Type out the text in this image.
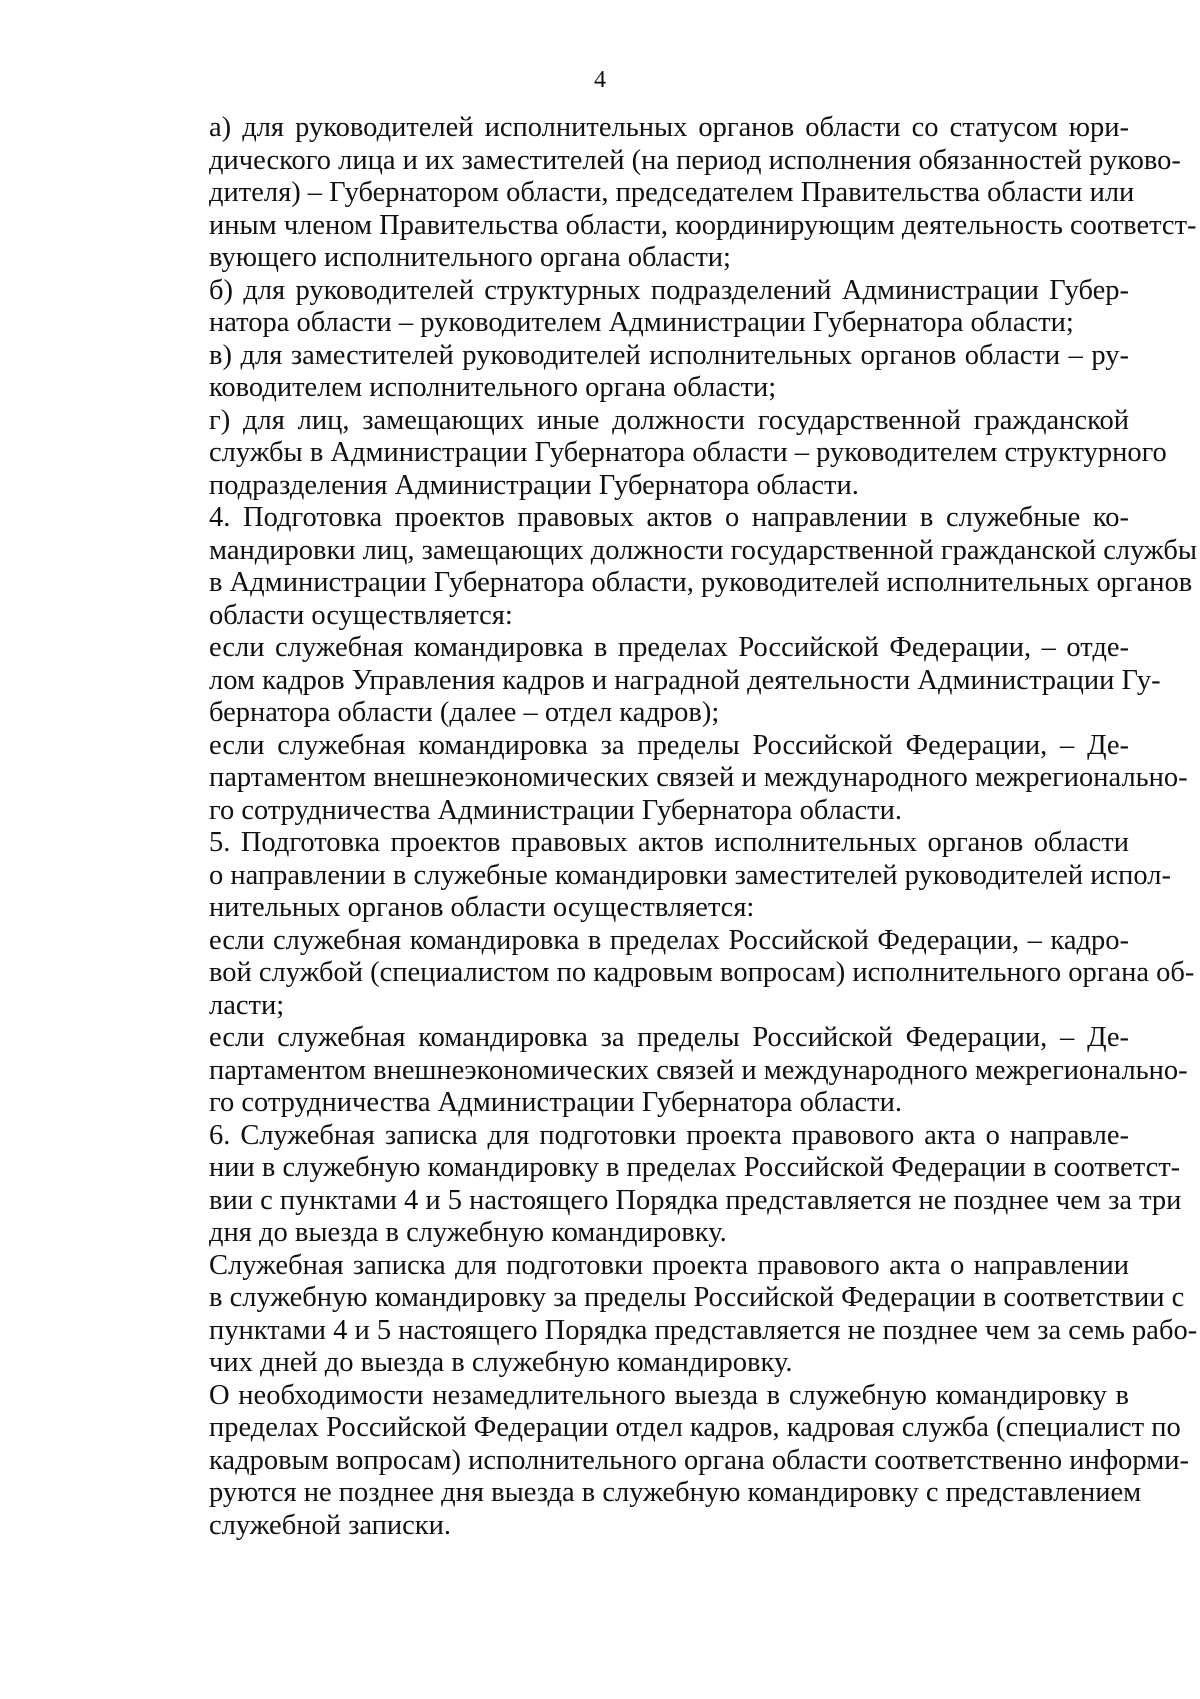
4

а) для руководителей исполнительных органов области со статусом юри-
дического лица и их заместителей (на период исполнения обязанностей руково-
дителя) – Губернатором области, председателем Правительства области или
иным членом Правительства области, координирующим деятельность соответст-
вующего исполнительного органа области;

б) для руководителей структурных подразделений Администрации Губер-
натора области – руководителем Администрации Губернатора области;

в) для заместителей руководителей исполнительных органов области – ру-
ководителем исполнительного органа области;

г) для лиц, замещающих иные должности государственной гражданской
службы в Администрации Губернатора области – руководителем структурного
подразделения Администрации Губернатора области.

4. Подготовка проектов правовых актов о направлении в служебные ко-
мандировки лиц, замещающих должности государственной гражданской службы
в Администрации Губернатора области, руководителей исполнительных органов
области осуществляется:

если служебная командировка в пределах Российской Федерации, – отде-
лом кадров Управления кадров и наградной деятельности Администрации Гу-
бернатора области (далее – отдел кадров);

если служебная командировка за пределы Российской Федерации, – Де-
партаментом внешнеэкономических связей и международного межрегионально-
го сотрудничества Администрации Губернатора области.

5. Подготовка проектов правовых актов исполнительных органов области
о направлении в служебные командировки заместителей руководителей испол-
нительных органов области осуществляется:

если служебная командировка в пределах Российской Федерации, – кадро-
вой службой (специалистом по кадровым вопросам) исполнительного органа об-
ласти;

если служебная командировка за пределы Российской Федерации, – Де-
партаментом внешнеэкономических связей и международного межрегионально-
го сотрудничества Администрации Губернатора области.

6. Служебная записка для подготовки проекта правового акта о направле-
нии в служебную командировку в пределах Российской Федерации в соответст-
вии с пунктами 4 и 5 настоящего Порядка представляется не позднее чем за три
дня до выезда в служебную командировку.

Служебная записка для подготовки проекта правового акта о направлении
в служебную командировку за пределы Российской Федерации в соответствии с
пунктами 4 и 5 настоящего Порядка представляется не позднее чем за семь рабо-
чих дней до выезда в служебную командировку.

О необходимости незамедлительного выезда в служебную командировку в
пределах Российской Федерации отдел кадров, кадровая служба (специалист по
кадровым вопросам) исполнительного органа области соответственно информи-
руются не позднее дня выезда в служебную командировку с представлением
служебной записки.
